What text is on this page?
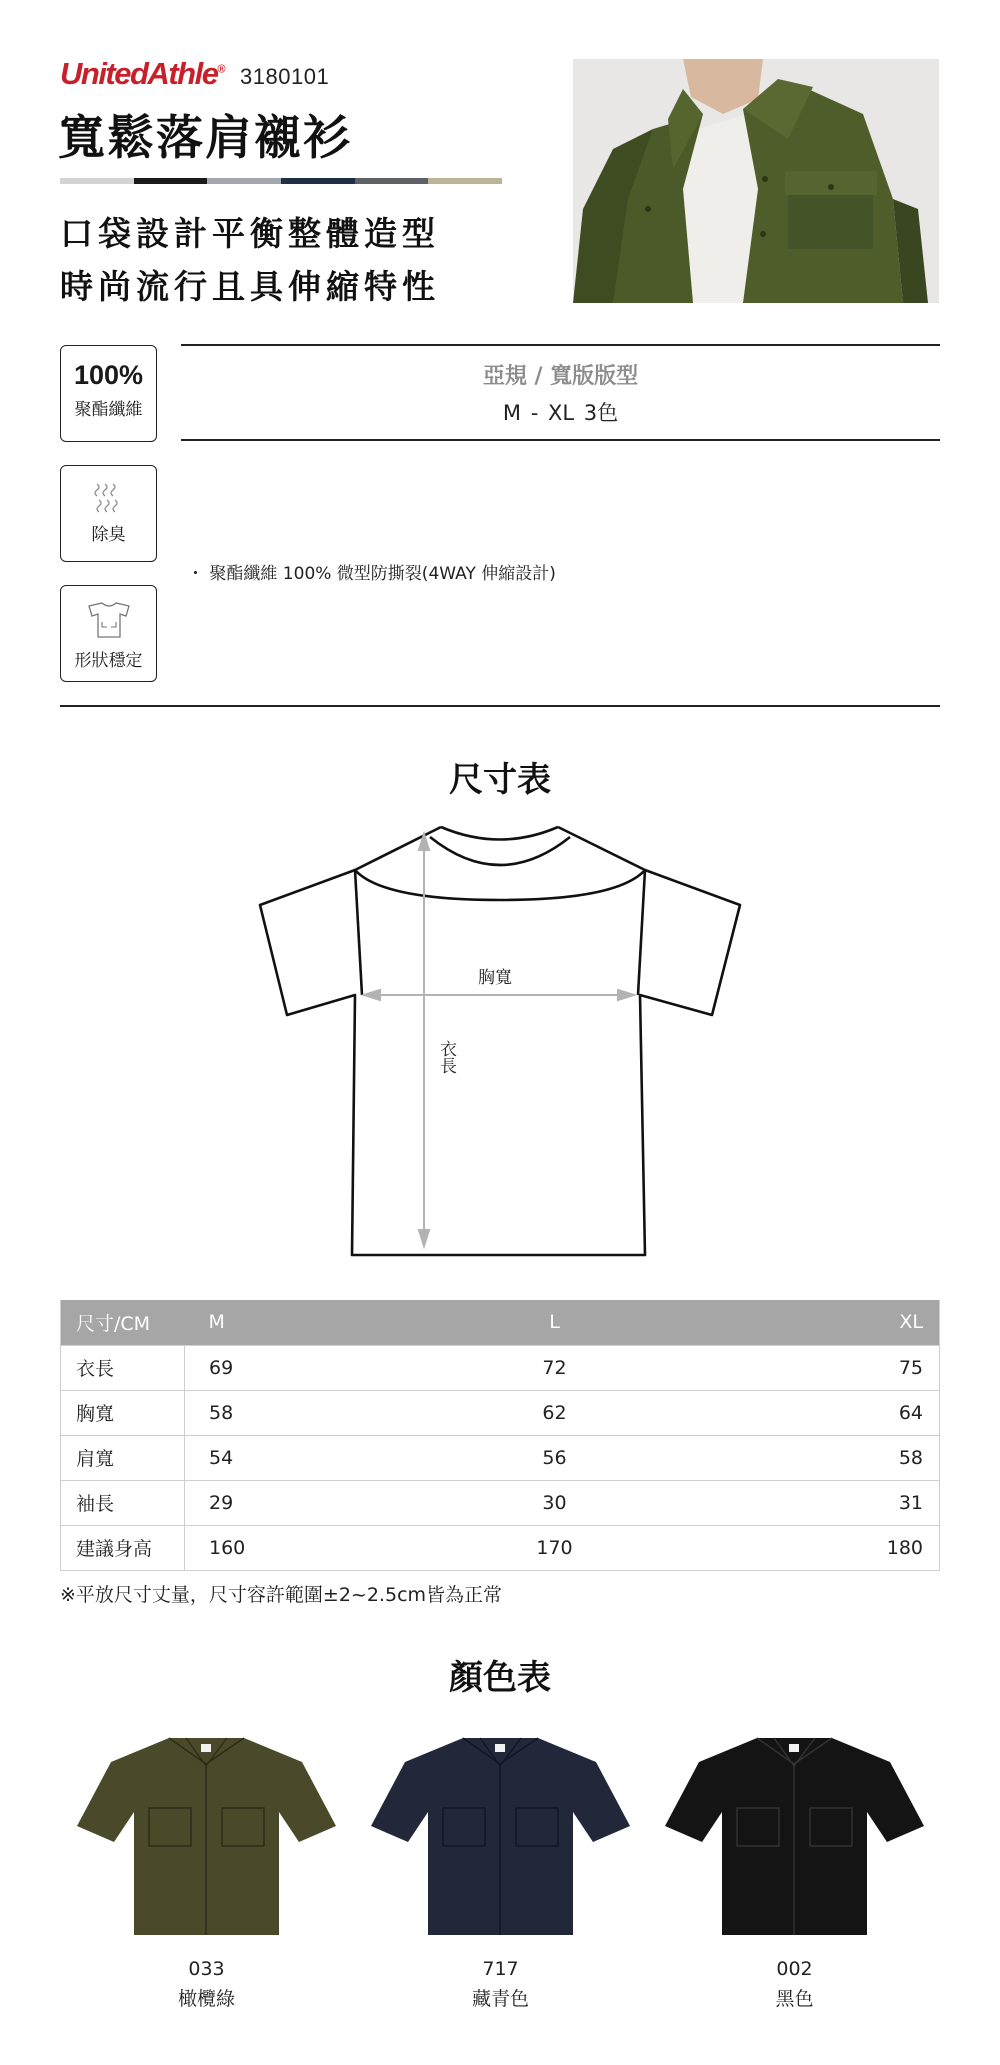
UnitedAthle® 3180101
寬鬆落肩襯衫
口袋設計平衡整體造型
時尚流行且具伸縮特性
100%
聚酯纖維
除臭
形狀穩定
亞規 / 寬版版型
M - XL 3色
・ 聚酯纖維 100% 微型防撕裂(4WAY 伸縮設計)
尺寸表
胸寬
衣長
尺寸/CM	M	L	XL
衣長	69	72	75
胸寬	58	62	64
肩寬	54	56	58
袖長	29	30	31
建議身高	160	170	180
※平放尺寸丈量，尺寸容許範圍±2~2.5cm皆為正常
顏色表
033
橄欖綠
717
藏青色
002
黑色
